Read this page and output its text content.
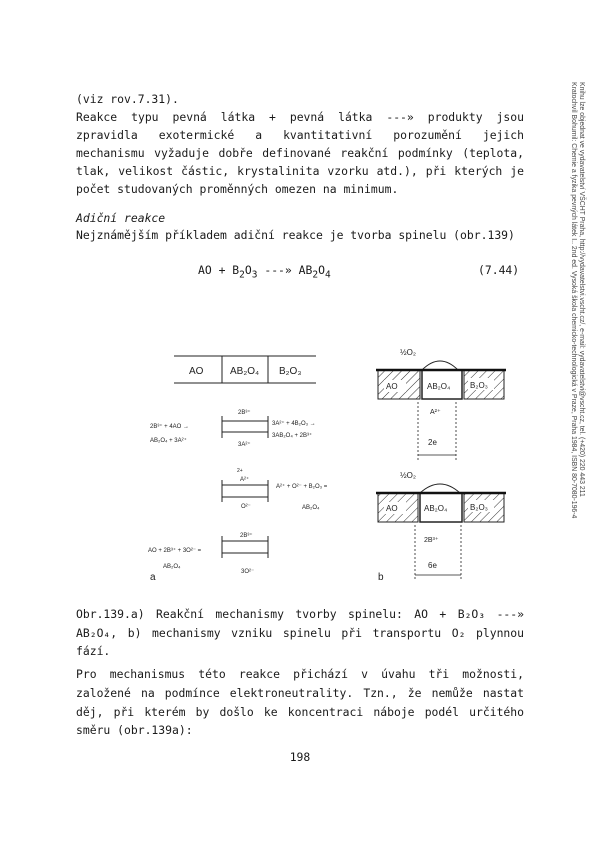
Kratochvíl Bohumil: Chemie a fyzika pevných látek I.. 2nd ed. Vysoká škola chemicko-technologická v Praze, Praha 1984, ISBN 80-7080-196-4 Knihu lze objednat ve vydavatelství VŠCHT Praha, http://vydavatelstvi.vscht.cz/, e-mail: vydavatelstvi@vscht.cz, tel. (+420) 220 443 211
(viz rov.7.31).
Reakce typu pevná látka + pevná látka ---» produkty jsou
zpravidla exotermické a kvantitativní porozumění jejich
mechanismu vyžaduje dobře definované reakční podmínky (teplota,
tlak, velikost částic, krystalinita vzorku atd.), při kterých je
počet studovaných proměnných omezen na minimum.
Adiční reakce
Nejznámějším příkladem adiční reakce je tvorba spinelu (obr.139)
AO + $B_2O_3$ ---» $AB_2O_4$	(7.44)
AO	AB₂O₄ B₂O₃
2B³⁺
3A²⁺
2B³⁺ + 4AO →
AB₂O₄ + 3A²⁺
3A²⁺ + 4B₂O₃ →
3AB₂O₄ + 2B³⁺
2+
A²⁺
O²⁻
A²⁺ + O²⁻ + B₂O₃ =
AB₂O₄
2B³⁺
AO + 2B³⁺ + 3O²⁻ =
AB₂O₄
3O²⁻
a
½O₂
AO	AB₂O₄ B₂O₃
A²⁺
2e
½O₂
AO	AB₂O₄	B₂O₃
2B³⁺
6e
b
Obr.139.a) Reakční mechanismy tvorby spinelu: AO + B₂O₃ ---»
AB₂O₄, b) mechanismy vzniku spinelu při transportu O₂ plynnou
fází.
Pro mechanismus této reakce přichází v úvahu tři možnosti,
založené na podmínce elektroneutrality. Tzn., že nemůže nastat
děj, při kterém by došlo ke koncentraci náboje podél určitého
směru (obr.139a):
198
